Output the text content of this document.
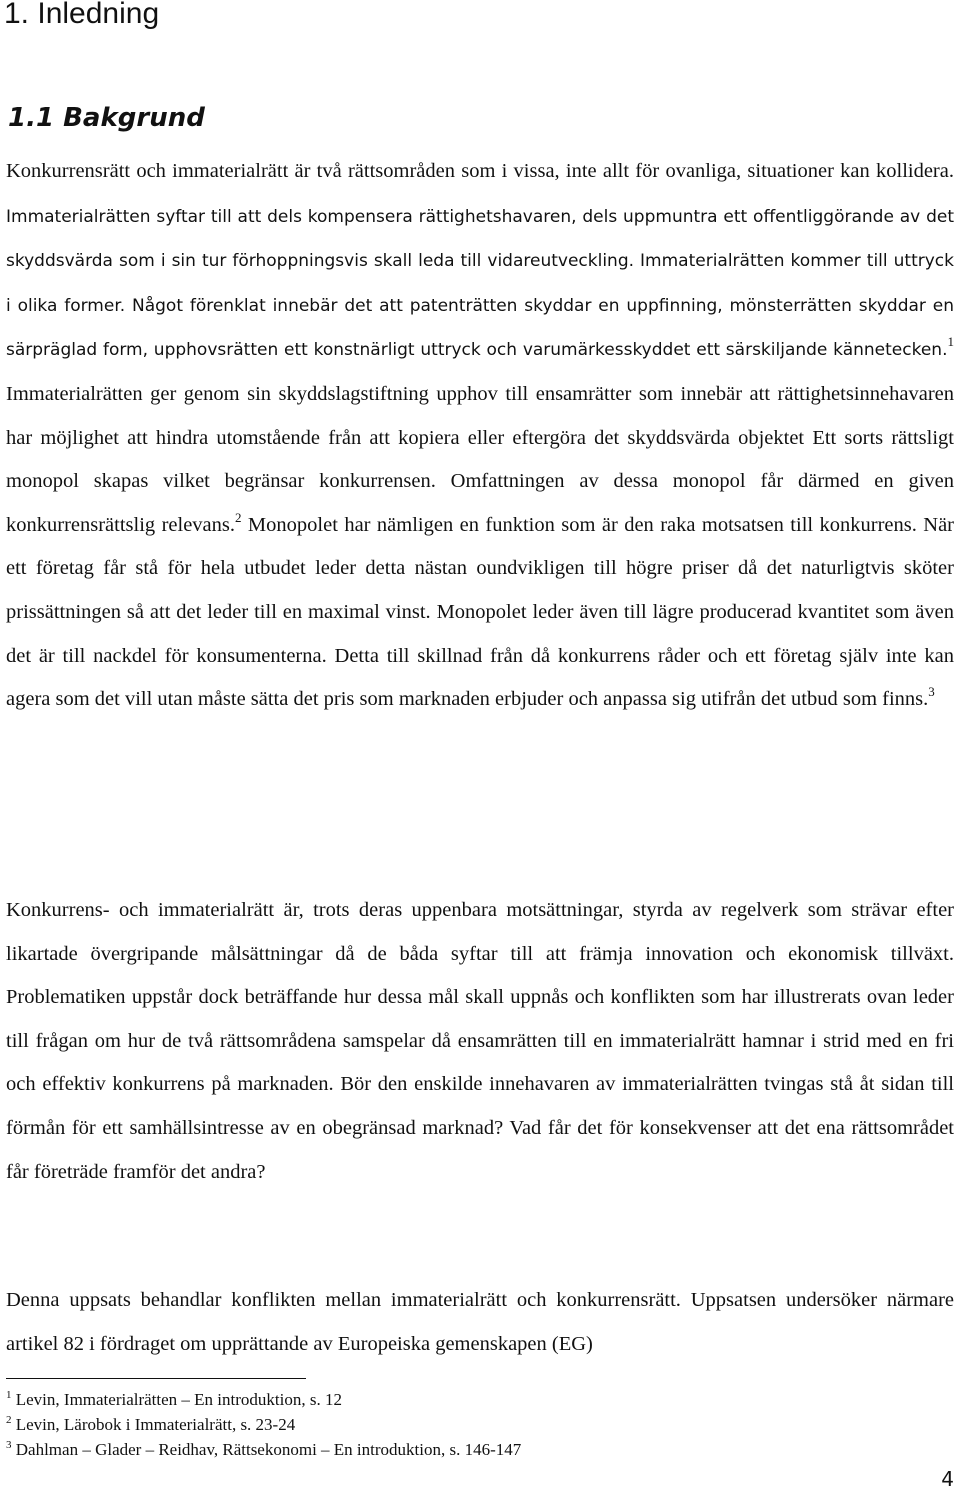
1. Inledning
1.1 Bakgrund

Konkurrensrätt och immaterialrätt är två rättsområden som i vissa, inte allt för ovanliga, situationer kan kollidera. Immaterialrätten syftar till att dels kompensera rättighetshavaren, dels uppmuntra ett offentliggörande av det skyddsvärda som i sin tur förhoppningsvis skall leda till vidareutveckling. Immaterialrätten kommer till uttryck i olika former. Något förenklat innebär det att patenträtten skyddar en uppfinning, mönsterrätten skyddar en särpräglad form, upphovsrätten ett konstnärligt uttryck och varumärkesskyddet ett särskiljande kännetecken.$^1$ Immaterialrätten ger genom sin skyddslagstiftning upphov till ensamrätter som innebär att rättighetsinnehavaren har möjlighet att hindra utomstående från att kopiera eller eftergöra det skyddsvärda objektet Ett sorts rättsligt monopol skapas vilket begränsar konkurrensen. Omfattningen av dessa monopol får därmed en given konkurrensrättslig relevans.$^2$ Monopolet har nämligen en funktion som är den raka motsatsen till konkurrens. När ett företag får stå för hela utbudet leder detta nästan oundvikligen till högre priser då det naturligtvis sköter prissättningen så att det leder till en maximal vinst. Monopolet leder även till lägre producerad kvantitet som även det är till nackdel för konsumenterna. Detta till skillnad från då konkurrens råder och ett företag själv inte kan agera som det vill utan måste sätta det pris som marknaden erbjuder och anpassa sig utifrån det utbud som finns.$^3$

Konkurrens- och immaterialrätt är, trots deras uppenbara motsättningar, styrda av regelverk som strävar efter likartade övergripande målsättningar då de båda syftar till att främja innovation och ekonomisk tillväxt. Problematiken uppstår dock beträffande hur dessa mål skall uppnås och konflikten som har illustrerats ovan leder till frågan om hur de två rättsområdena samspelar då ensamrätten till en immaterialrätt hamnar i strid med en fri och effektiv konkurrens på marknaden. Bör den enskilde innehavaren av immaterialrätten tvingas stå åt sidan till förmån för ett samhällsintresse av en obegränsad marknad? Vad får det för konsekvenser att det ena rättsområdet får företräde framför det andra?

Denna uppsats behandlar konflikten mellan immaterialrätt och konkurrensrätt. Uppsatsen undersöker närmare artikel 82 i fördraget om upprättande av Europeiska gemenskapen (EG)

$^1$ Levin, Immaterialrätten – En introduktion, s. 12
$^2$ Levin, Lärobok i Immaterialrätt, s. 23-24
$^3$ Dahlman – Glader – Reidhav, Rättsekonomi – En introduktion, s. 146-147
4
